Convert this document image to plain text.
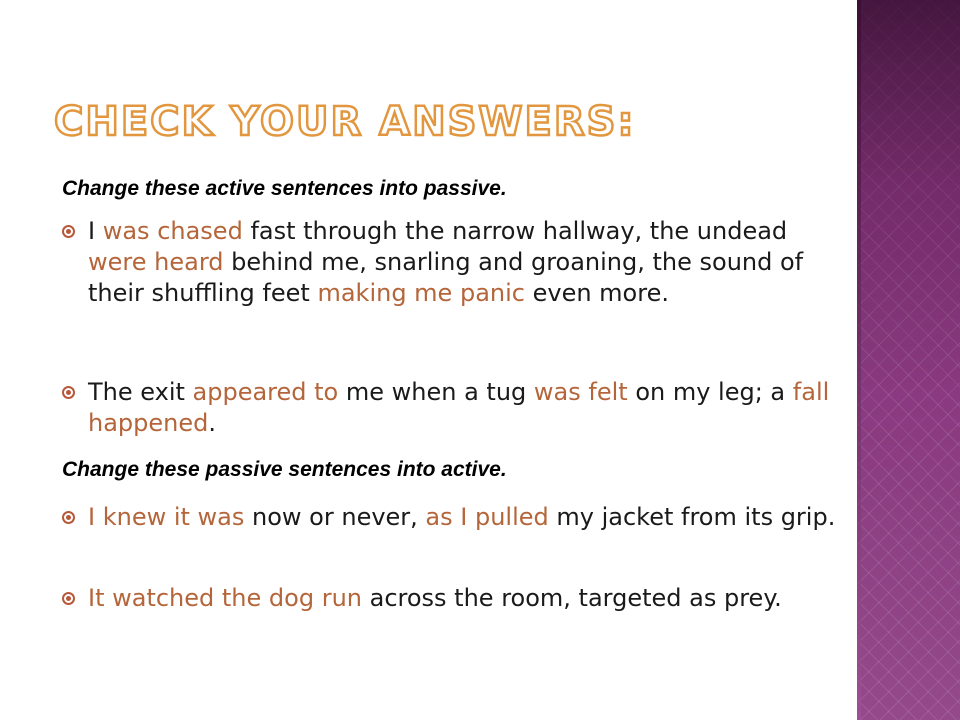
CHECK YOUR ANSWERS:

Change these active sentences into passive.

I was chased fast through the narrow hallway, the undead were heard behind me, snarling and groaning, the sound of their shuffling feet making me panic even more.

The exit appeared to me when a tug was felt on my leg; a fall happened.

Change these passive sentences into active.

I knew it was now or never, as I pulled my jacket from its grip.

It watched the dog run across the room, targeted as prey.
